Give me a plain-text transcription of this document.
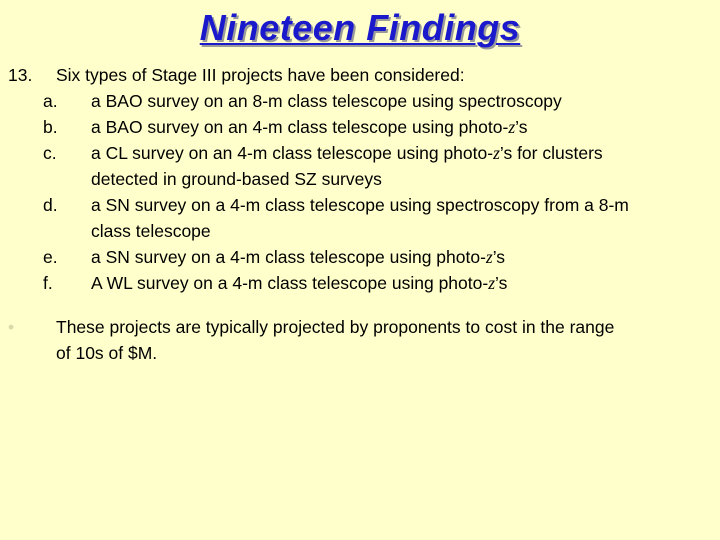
Nineteen Findings
13. Six types of Stage III projects have been considered:
a. a BAO survey on an 8-m class telescope using spectroscopy
b. a BAO survey on an 4-m class telescope using photo-z’s
c. a CL survey on an 4-m class telescope using photo-z’s for clusters
detected in ground-based SZ surveys
d. a SN survey on a 4-m class telescope using spectroscopy from a 8-m
class telescope
e. a SN survey on a 4-m class telescope using photo-z’s
f. A WL survey on a 4-m class telescope using photo-z’s
• These projects are typically projected by proponents to cost in the range
of 10s of $M.
